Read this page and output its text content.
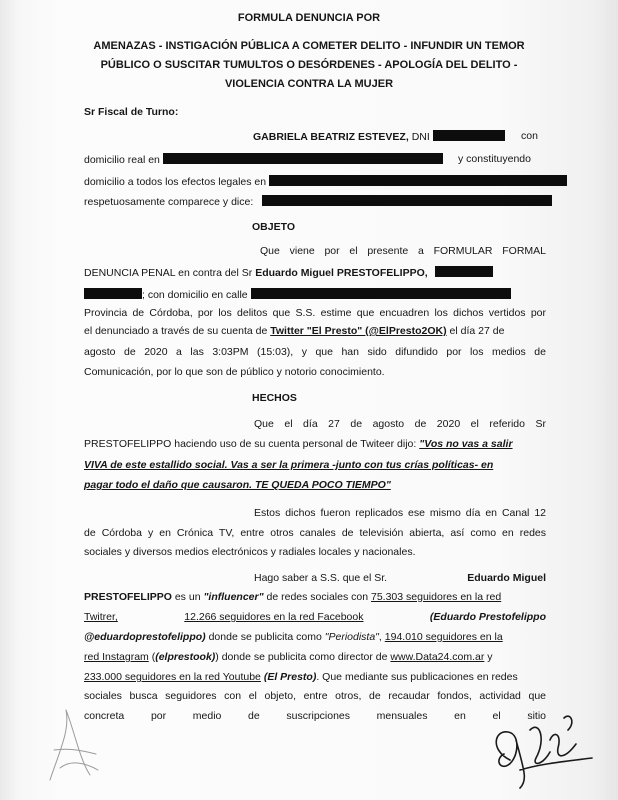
FORMULA DENUNCIA POR
AMENAZAS - INSTIGACIÓN PÚBLICA A COMETER DELITO - INFUNDIR UN TEMOR
PÚBLICO O SUSCITAR TUMULTOS O DESÓRDENES - APOLOGÍA DEL DELITO -
VIOLENCIA CONTRA LA MUJER
Sr Fiscal de Turno:
GABRIELA BEATRIZ ESTEVEZ, DNI	con
domicilio real en	y constituyendo
domicilio a todos los efectos legales en
respetuosamente comparece y dice:
OBJETO
Que viene por el presente a FORMULAR FORMAL
DENUNCIA PENAL en contra del Sr Eduardo Miguel PRESTOFELIPPO,
; con domicilio en calle
Provincia de Córdoba, por los delitos que S.S. estime que encuadren los dichos vertidos por
el denunciado a través de su cuenta de Twitter "El Presto" (@ElPresto2OK) el día 27 de
agosto de 2020 a las 3:03PM (15:03), y que han sido difundido por los medios de
Comunicación, por lo que son de público y notorio conocimiento.
HECHOS
Que el día 27 de agosto de 2020 el referido Sr
PRESTOFELIPPO haciendo uso de su cuenta personal de Twiteer dijo: "Vos no vas a salir
VIVA de este estallido social. Vas a ser la primera -junto con tus crías políticas- en
pagar todo el daño que causaron. TE QUEDA POCO TIEMPO"
Estos dichos fueron replicados ese mismo día en Canal 12
de Córdoba y en Crónica TV, entre otros canales de televisión abierta, así como en redes
sociales y diversos medios electrónicos y radiales locales y nacionales.
Hago saber a S.S. que el Sr.	Eduardo Miguel
PRESTOFELIPPO es un "influencer" de redes sociales con 75.303 seguidores en la red
Twitrer,	12.266 seguidores en la red Facebook	(Eduardo Prestofelippo
@eduardoprestofelippo) donde se publicita como "Periodista", 194.010 seguidores en la
red Instagram ((elprestook)) donde se publicita como director de www.Data24.com.ar y
233.000 seguidores en la red Youtube (El Presto). Que mediante sus publicaciones en redes
sociales busca seguidores con el objeto, entre otros, de recaudar fondos, actividad que
concreta por medio de suscripciones mensuales en el sitio
